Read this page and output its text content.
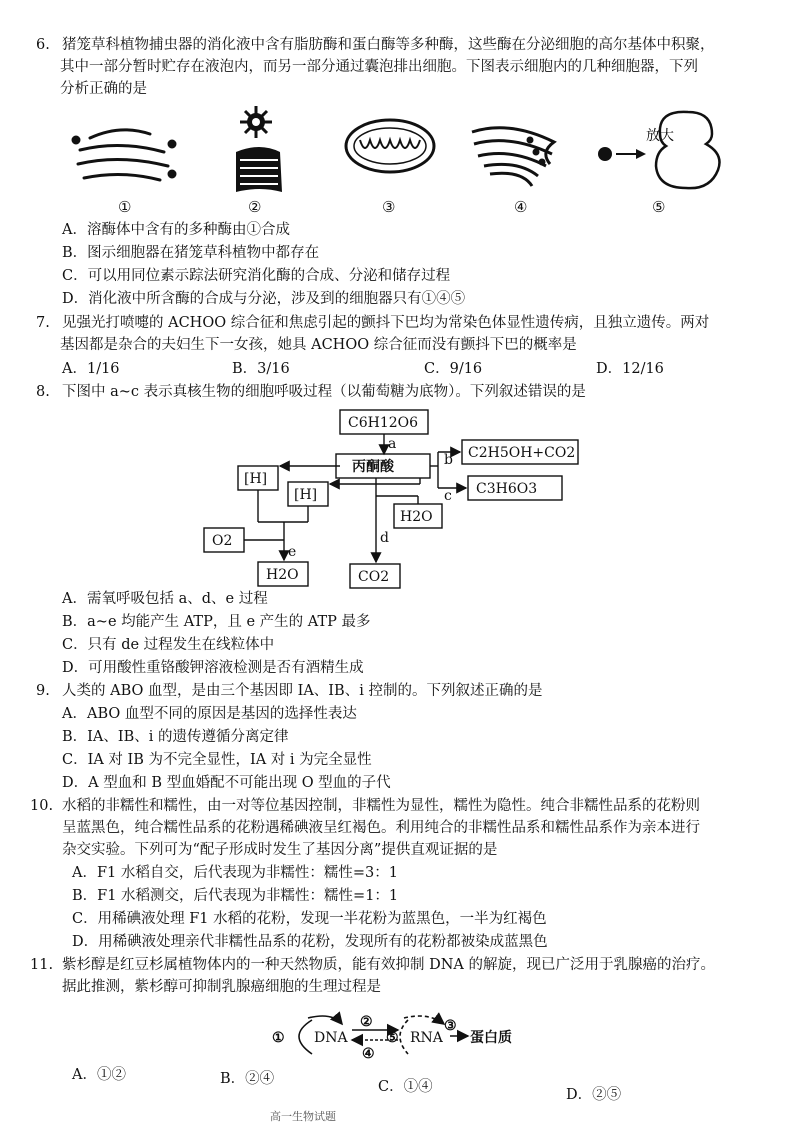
6. 猪笼草科植物捕虫器的消化液中含有脂肪酶和蛋白酶等多种酶，这些酶在分泌细胞的高尔基体中积聚，

其中一部分暂时贮存在液泡内，而另一部分通过囊泡排出细胞。下图表示细胞内的几种细胞器，下列

分析正确的是

放大
①	②	③	④	⑤
A．溶酶体中含有的多种酶由①合成
B．图示细胞器在猪笼草科植物中都存在
C．可以用同位素示踪法研究消化酶的合成、分泌和储存过程
D．消化液中所含酶的合成与分泌，涉及到的细胞器只有①④⑤

7. 见强光打喷嚏的 ACHOO 综合征和焦虑引起的颤抖下巴均为常染色体显性遗传病，且独立遗传。两对

基因都是杂合的夫妇生下一女孩，她具 ACHOO 综合征而没有颤抖下巴的概率是

A．1/16	B．3/16	C．9/16	D．12/16

8. 下图中 a~c 表示真核生物的细胞呼吸过程（以葡萄糖为底物）。下列叙述错误的是

C6H12O6
丙酮酸
C2H5OH+CO2
C3H6O3
[H]
[H]
O2
H2O
H2O	CO2
a
b
c
d
e
A．需氧呼吸包括 a、d、e 过程
B．a~e 均能产生 ATP，且 e 产生的 ATP 最多
C．只有 de 过程发生在线粒体中
D．可用酸性重铬酸钾溶液检测是否有酒精生成

9. 人类的 ABO 血型，是由三个基因即 IA、IB、i 控制的。下列叙述正确的是

A．ABO 血型不同的原因是基因的选择性表达
B．IA、IB、i 的遗传遵循分离定律
C．IA 对 IB 为不完全显性，IA 对 i 为完全显性
D．A 型血和 B 型血婚配不可能出现 O 型血的子代

10. 水稻的非糯性和糯性，由一对等位基因控制，非糯性为显性，糯性为隐性。纯合非糯性品系的花粉则

呈蓝黑色，纯合糯性品系的花粉遇稀碘液呈红褐色。利用纯合的非糯性品系和糯性品系作为亲本进行

杂交实验。下列可为“配子形成时发生了基因分离”提供直观证据的是

A．F1 水稻自交，后代表现为非糯性：糯性=3：1
B．F1 水稻测交，后代表现为非糯性：糯性=1：1
C．用稀碘液处理 F1 水稻的花粉，发现一半花粉为蓝黑色，一半为红褐色
D．用稀碘液处理亲代非糯性品系的花粉，发现所有的花粉都被染成蓝黑色

11. 紫杉醇是红豆杉属植物体内的一种天然物质，能有效抑制 DNA 的解旋，现已广泛用于乳腺癌的治疗。

据此推测，紫杉醇可抑制乳腺癌细胞的生理过程是

① DNA
②
④
⑤ RNA
③
蛋白质
A．①②	B．②④	C．①④	D．②⑤
高一生物试题
